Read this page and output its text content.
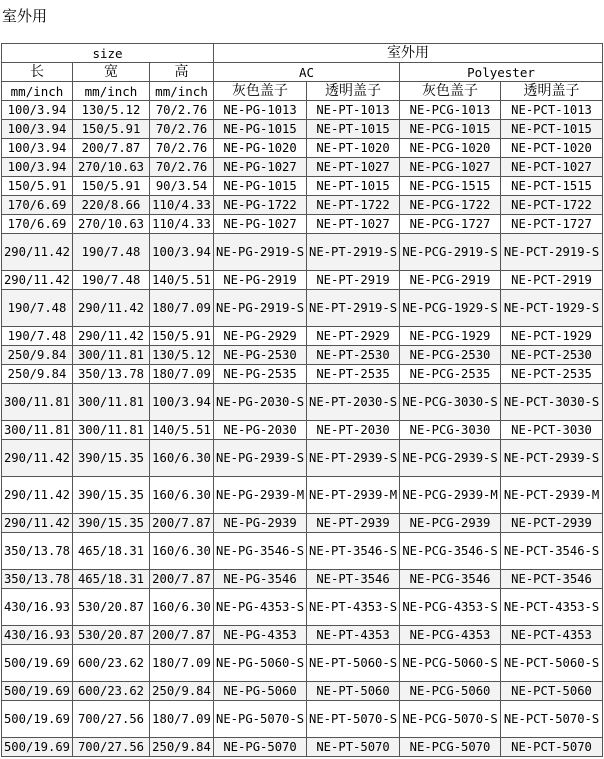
室外用
size			室外用			
长	宽	高	AC		Polyester	
mm/inch	mm/inch	mm/inch	灰色盖子	透明盖子	灰色盖子	透明盖子
100/3.94	130/5.12	70/2.76	NE-PG-1013	NE-PT-1013	NE-PCG-1013	NE-PCT-1013
100/3.94	150/5.91	70/2.76	NE-PG-1015	NE-PT-1015	NE-PCG-1015	NE-PCT-1015
100/3.94	200/7.87	70/2.76	NE-PG-1020	NE-PT-1020	NE-PCG-1020	NE-PCT-1020
100/3.94	270/10.63	70/2.76	NE-PG-1027	NE-PT-1027	NE-PCG-1027	NE-PCT-1027
150/5.91	150/5.91	90/3.54	NE-PG-1015	NE-PT-1015	NE-PCG-1515	NE-PCT-1515
170/6.69	220/8.66	110/4.33	NE-PG-1722	NE-PT-1722	NE-PCG-1722	NE-PCT-1722
170/6.69	270/10.63	110/4.33	NE-PG-1027	NE-PT-1027	NE-PCG-1727	NE-PCT-1727
290/11.42	190/7.48	100/3.94	NE-PG-2919-S	NE-PT-2919-S	NE-PCG-2919-S	NE-PCT-2919-S
290/11.42	190/7.48	140/5.51	NE-PG-2919	NE-PT-2919	NE-PCG-2919	NE-PCT-2919
190/7.48	290/11.42	180/7.09	NE-PG-2919-S	NE-PT-2919-S	NE-PCG-1929-S	NE-PCT-1929-S
190/7.48	290/11.42	150/5.91	NE-PG-2929	NE-PT-2929	NE-PCG-1929	NE-PCT-1929
250/9.84	300/11.81	130/5.12	NE-PG-2530	NE-PT-2530	NE-PCG-2530	NE-PCT-2530
250/9.84	350/13.78	180/7.09	NE-PG-2535	NE-PT-2535	NE-PCG-2535	NE-PCT-2535
300/11.81	300/11.81	100/3.94	NE-PG-2030-S	NE-PT-2030-S	NE-PCG-3030-S	NE-PCT-3030-S
300/11.81	300/11.81	140/5.51	NE-PG-2030	NE-PT-2030	NE-PCG-3030	NE-PCT-3030
290/11.42	390/15.35	160/6.30	NE-PG-2939-S	NE-PT-2939-S	NE-PCG-2939-S	NE-PCT-2939-S
290/11.42	390/15.35	160/6.30	NE-PG-2939-M	NE-PT-2939-M	NE-PCG-2939-M	NE-PCT-2939-M
290/11.42	390/15.35	200/7.87	NE-PG-2939	NE-PT-2939	NE-PCG-2939	NE-PCT-2939
350/13.78	465/18.31	160/6.30	NE-PG-3546-S	NE-PT-3546-S	NE-PCG-3546-S	NE-PCT-3546-S
350/13.78	465/18.31	200/7.87	NE-PG-3546	NE-PT-3546	NE-PCG-3546	NE-PCT-3546
430/16.93	530/20.87	160/6.30	NE-PG-4353-S	NE-PT-4353-S	NE-PCG-4353-S	NE-PCT-4353-S
430/16.93	530/20.87	200/7.87	NE-PG-4353	NE-PT-4353	NE-PCG-4353	NE-PCT-4353
500/19.69	600/23.62	180/7.09	NE-PG-5060-S	NE-PT-5060-S	NE-PCG-5060-S	NE-PCT-5060-S
500/19.69	600/23.62	250/9.84	NE-PG-5060	NE-PT-5060	NE-PCG-5060	NE-PCT-5060
500/19.69	700/27.56	180/7.09	NE-PG-5070-S	NE-PT-5070-S	NE-PCG-5070-S	NE-PCT-5070-S
500/19.69	700/27.56	250/9.84	NE-PG-5070	NE-PT-5070	NE-PCG-5070	NE-PCT-5070
